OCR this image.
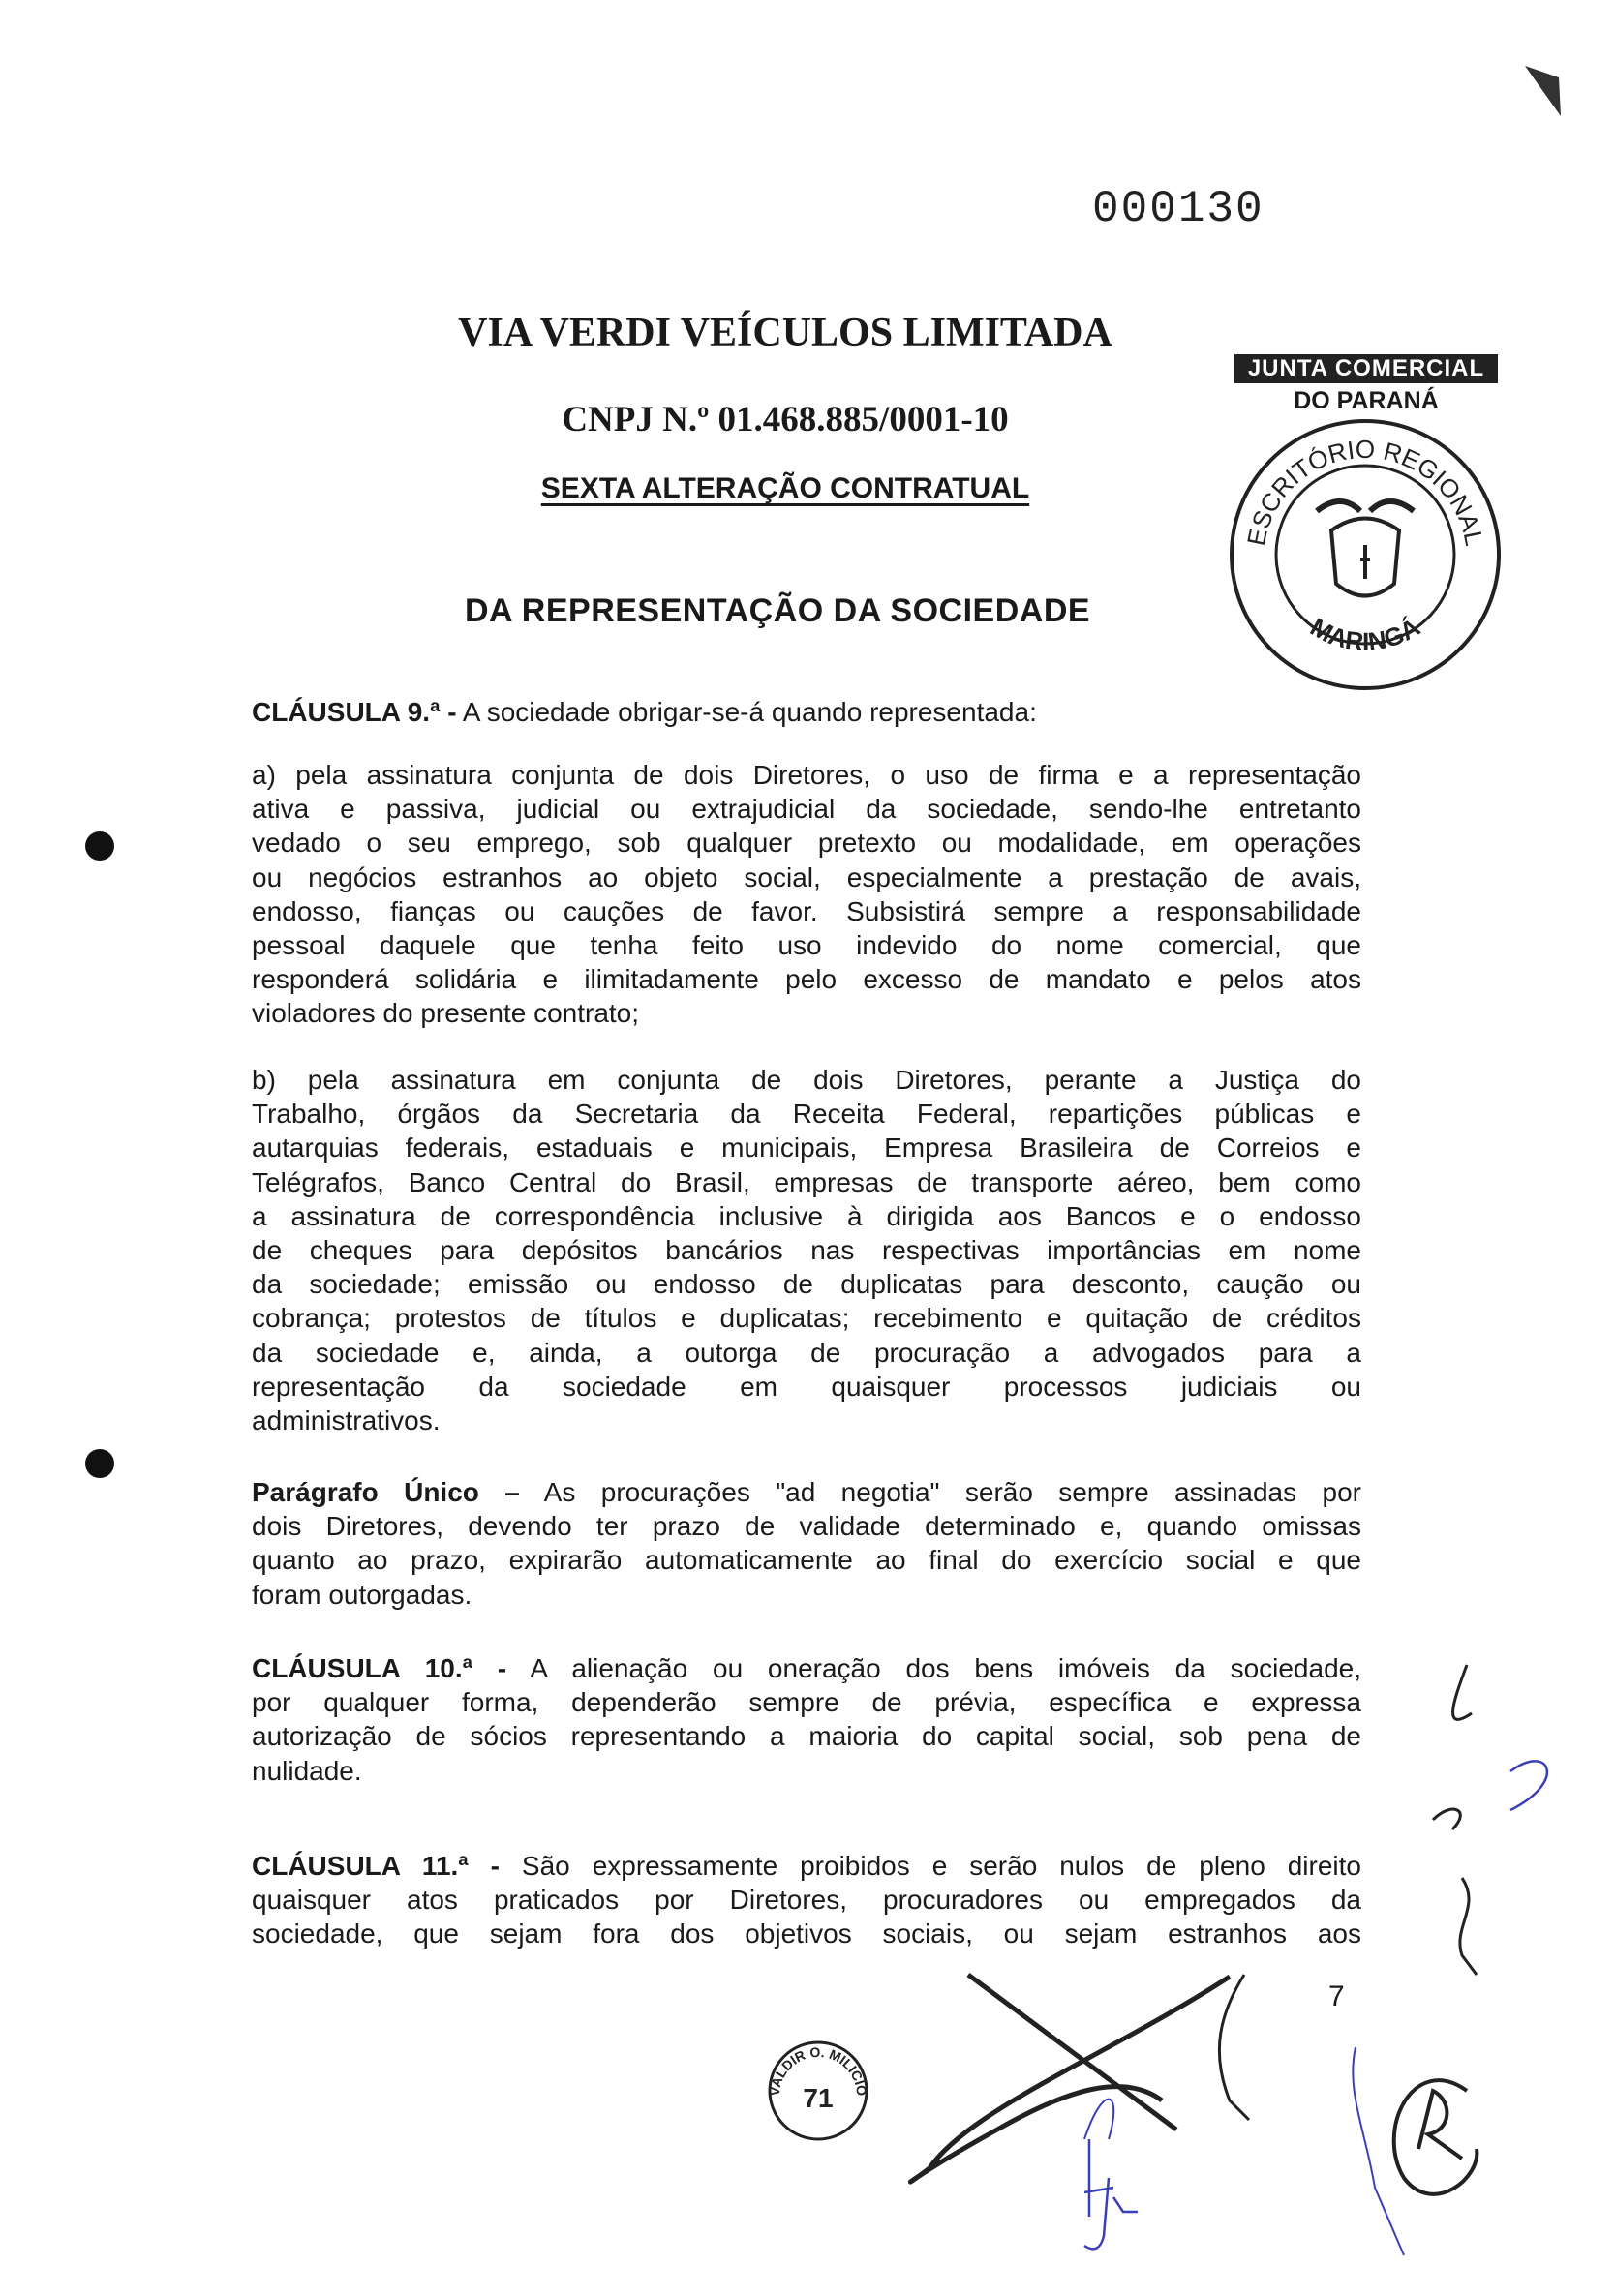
000130
VIA VERDI VEÍCULOS LIMITADA
CNPJ N.º 01.468.885/0001-10
SEXTA ALTERAÇÃO CONTRATUAL
DA REPRESENTAÇÃO DA SOCIEDADE
JUNTA COMERCIAL
DO PARANÁ
ESCRITÓRIO REGIONAL
MARINGÁ
CLÁUSULA 9.ª - A sociedade obrigar-se-á quando representada:
a) pela assinatura conjunta de dois Diretores, o uso de firma e a representação
ativa e passiva, judicial ou extrajudicial da sociedade, sendo-lhe entretanto
vedado o seu emprego, sob qualquer pretexto ou modalidade, em operações
ou negócios estranhos ao objeto social, especialmente a prestação de avais,
endosso, fianças ou cauções de favor. Subsistirá sempre a responsabilidade
pessoal daquele que tenha feito uso indevido do nome comercial, que
responderá solidária e ilimitadamente pelo excesso de mandato e pelos atos
violadores do presente contrato;
b) pela assinatura em conjunta de dois Diretores, perante a Justiça do
Trabalho, órgãos da Secretaria da Receita Federal, repartições públicas e
autarquias federais, estaduais e municipais, Empresa Brasileira de Correios e
Telégrafos, Banco Central do Brasil, empresas de transporte aéreo, bem como
a assinatura de correspondência inclusive à dirigida aos Bancos e o endosso
de cheques para depósitos bancários nas respectivas importâncias em nome
da sociedade; emissão ou endosso de duplicatas para desconto, caução ou
cobrança; protestos de títulos e duplicatas; recebimento e quitação de créditos
da sociedade e, ainda, a outorga de procuração a advogados para a
representação da sociedade em quaisquer processos judiciais ou
administrativos.
Parágrafo Único – As procurações "ad negotia" serão sempre assinadas por
dois Diretores, devendo ter prazo de validade determinado e, quando omissas
quanto ao prazo, expirarão automaticamente ao final do exercício social e que
foram outorgadas.
CLÁUSULA 10.ª - A alienação ou oneração dos bens imóveis da sociedade,
por qualquer forma, dependerão sempre de prévia, específica e expressa
autorização de sócios representando a maioria do capital social, sob pena de
nulidade.
CLÁUSULA 11.ª - São expressamente proibidos e serão nulos de pleno direito
quaisquer atos praticados por Diretores, procuradores ou empregados da
sociedade, que sejam fora dos objetivos sociais, ou sejam estranhos aos
7
VALDIR O. MILICIO
71
